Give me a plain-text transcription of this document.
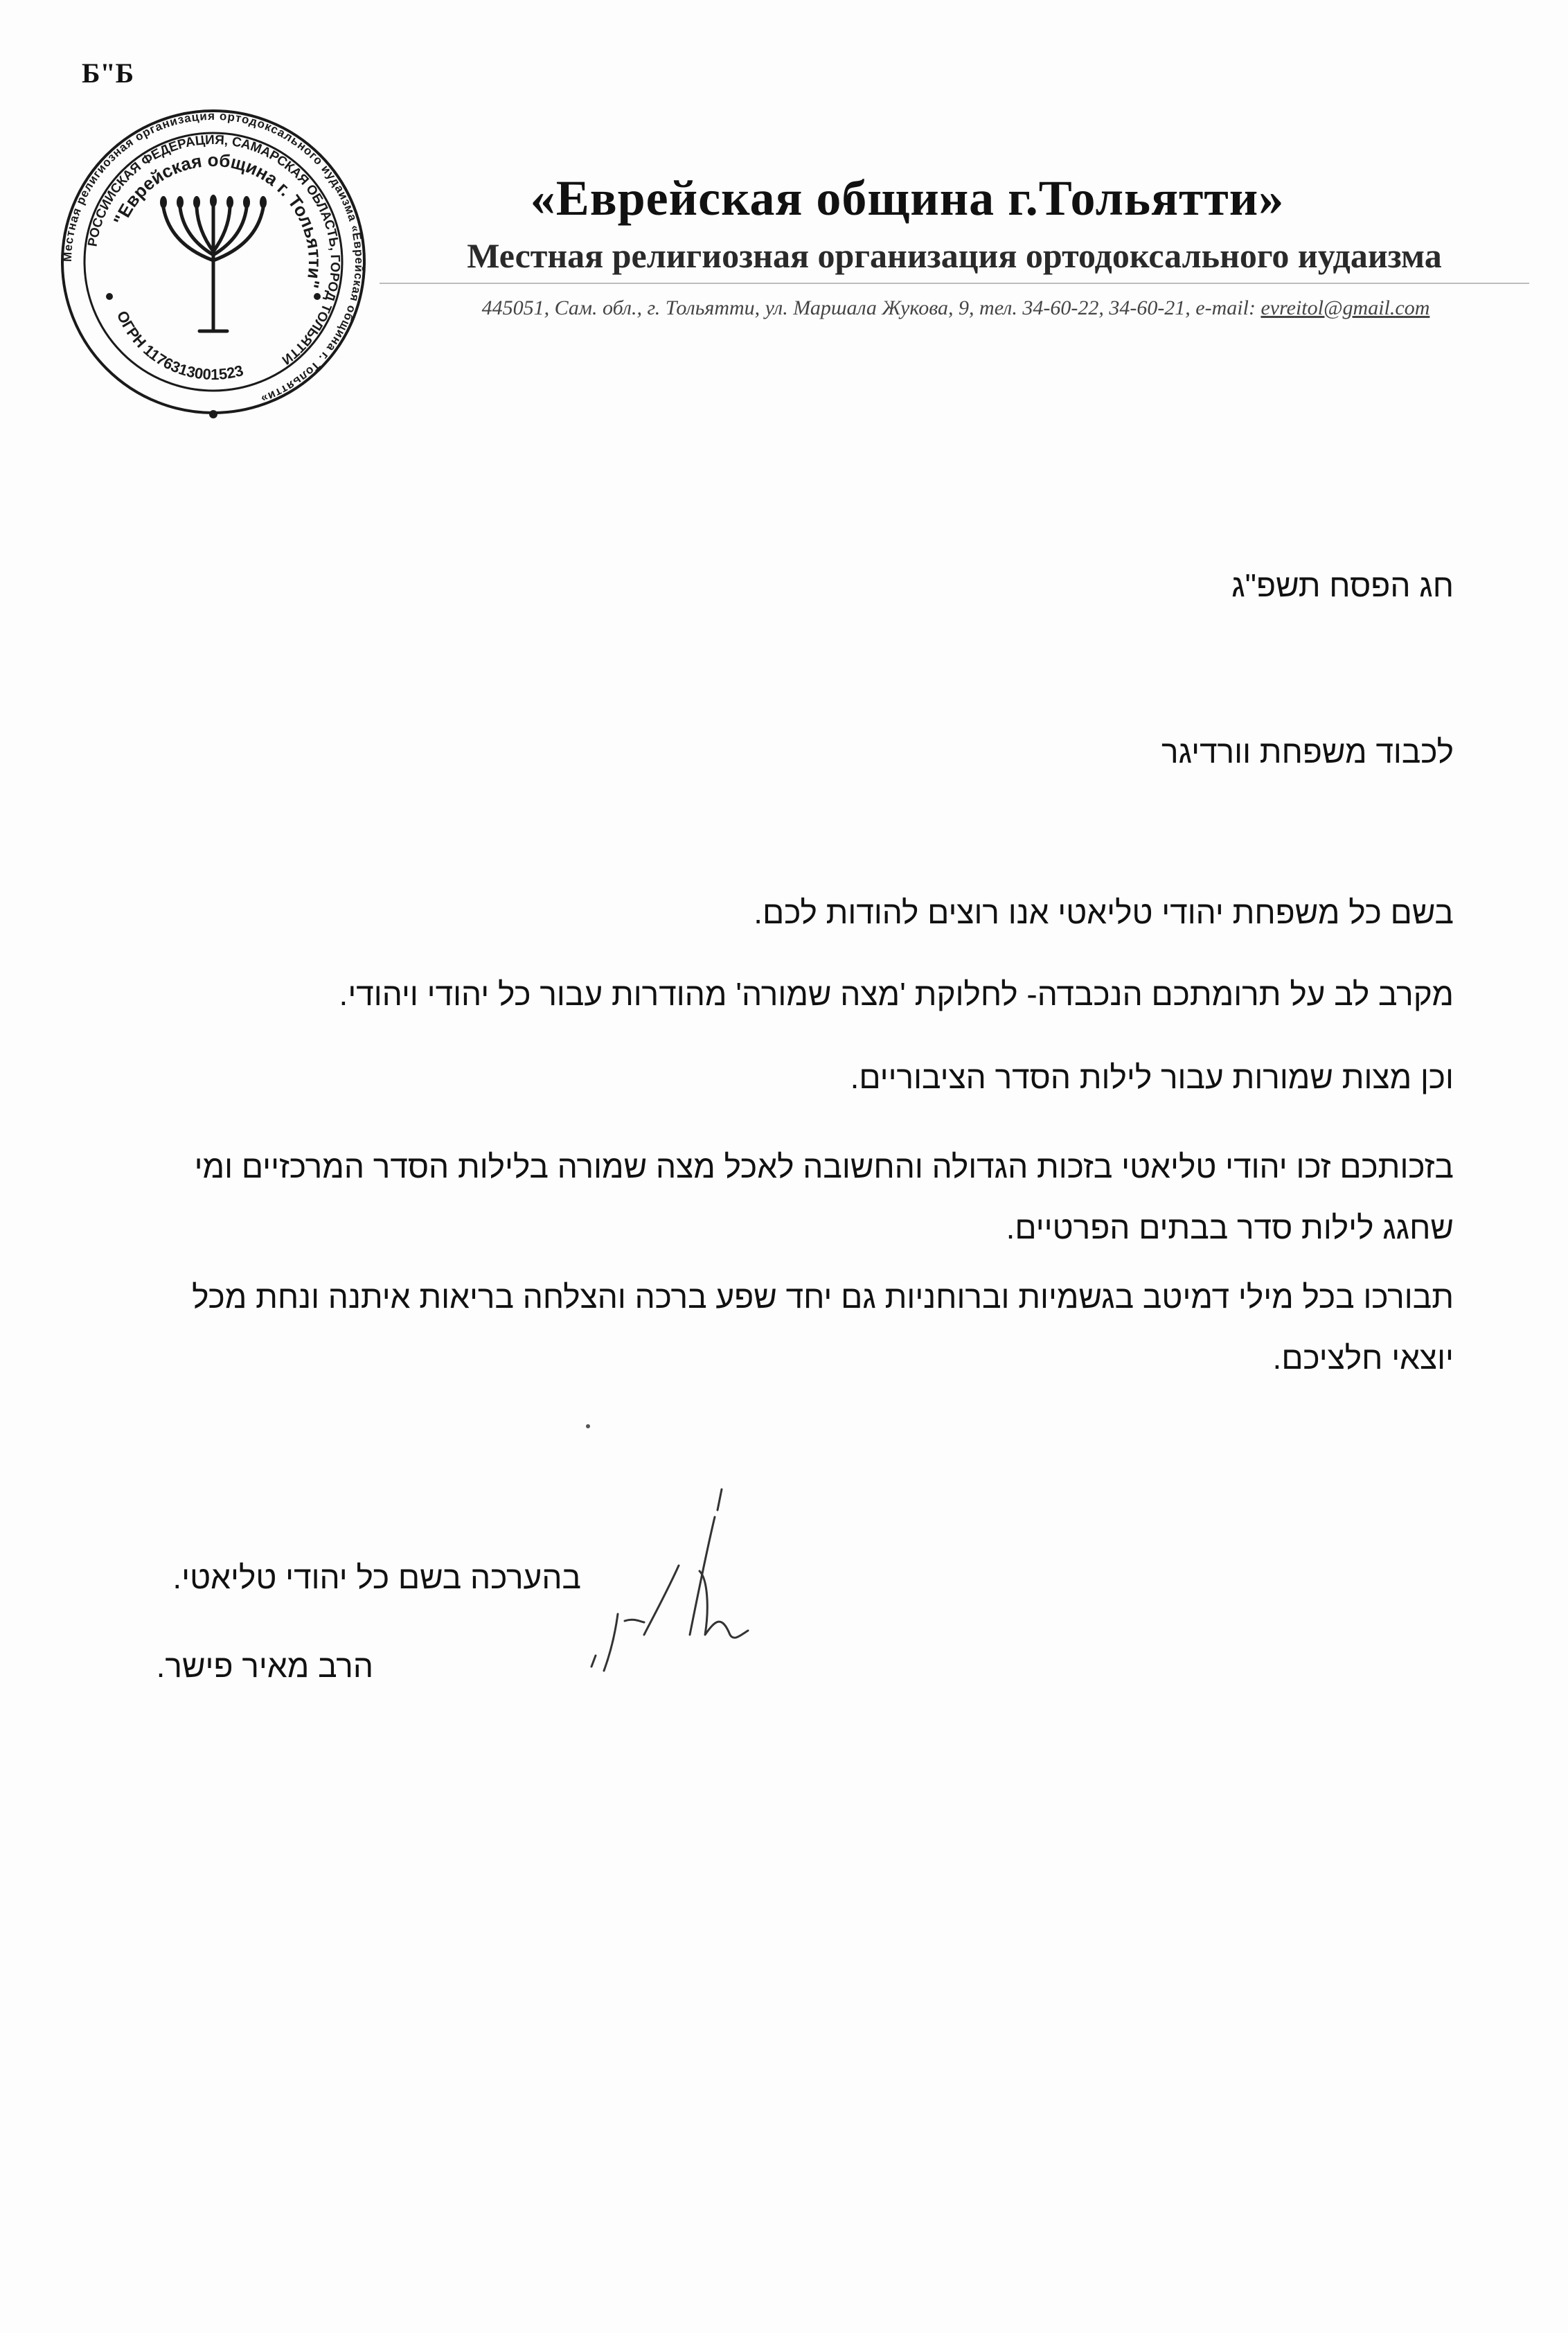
Б"Б
Местная религиозная организация ортодоксального иудаизма «Еврейская община г. Тольятти»
РОССИЙСКАЯ ФЕДЕРАЦИЯ, САМАРСКАЯ ОБЛАСТЬ, ГОРОД ТОЛЬЯТТИ
"Еврейская община г. Тольятти"
ОГРН 1176313001523
«Еврейская община г.Тольятти»
Местная религиозная организация ортодоксального иудаизма
445051, Сам. обл., г. Тольятти, ул. Маршала Жукова, 9, тел. 34-60-22, 34-60-21, e-mail: evreitol@gmail.com
חג הפסח תשפ"ג
לכבוד משפחת וורדיגר
בשם כל משפחת יהודי טליאטי אנו רוצים להודות לכם.
מקרב לב על תרומתכם הנכבדה- לחלוקת 'מצה שמורה' מהודרות עבור כל יהודי ויהודי.
וכן מצות שמורות עבור לילות הסדר הציבוריים.
בזכותכם זכו יהודי טליאטי בזכות הגדולה והחשובה לאכל מצה שמורה בלילות הסדר המרכזיים ומי שחגג לילות סדר בבתים הפרטיים.
תבורכו בכל מילי דמיטב בגשמיות וברוחניות גם יחד שפע ברכה והצלחה בריאות איתנה ונחת מכל יוצאי חלציכם.
בהערכה בשם כל יהודי טליאטי.
הרב מאיר פישר.
